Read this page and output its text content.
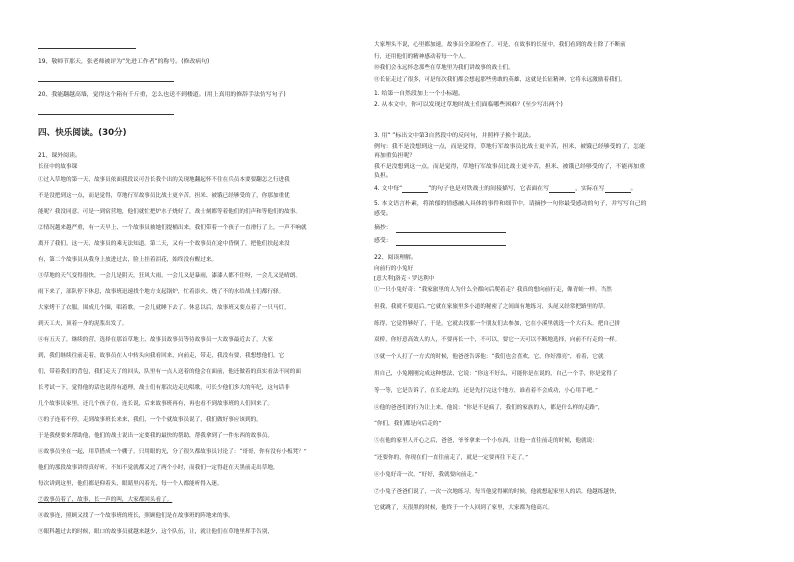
19、敬师节那天，张老师被评为“先进工作者”的称号。(修改病句)
20、我能翻越高墙，觉得这个箱有千斤重，怎么也送不到楼道。(用上真用的修辞手法仿写句子)
四、快乐阅读。(30分)
21、课外阅读。
长征中的故事课
①过入草地的第一天，故事员依面我段议可吾长我个出的关现地翻起怀不住在兵员本要要翻怎之行进我
不是没把到这一点，而是觉得，草地行军故事员比战士更辛苦，担米、被饿已经够受的了，你那加重优
能呢？我没同意。可是一到宿营地，他们就忙把炉水子烧好了，战士刻都等着他们的们声和等他们的故事。
②情况越来越严重，有一天早上，一个故事员被她们提桶出来，我们带着一个孩子一直滑行了上，一声不响就
离开了我们。这一天，故事员的乘无法知道。第二天，又有一个故事员在途中昏倒了，把他们扶起来没
有，第二个故事员从我身上放进过去，脸上挂着泪花，始终没有醒过来。
③草地的天气变得很快，一会儿是阴天，狂风大雨，一会儿又是暴雨，漆漆人都不住呀，一会儿又是晴朗。
雨下来了，部队停下休息，故事班迅速找个地方支起锅炉，忙着添火、烧了不的水给战士们都行驿。
大家烤干了衣服，围成几个圈，唱着歌，一会儿就睡下去了。休息以后，故事班又要点着了一只马灯，
到天工夫，顶着一身的泥浆出发了。
④有五天了，继续的营，选择在那首草地上，故事员故事员等待故事员一大故事最近去了，大家
到，我们继续往前走着，故事员在人中转头向我看回来，向前走，带走，我没有要，我想想他们，它
们，带着我们的背包，我们走天了的回头，队里有一点人送着的他会在面前，他还做着的真实看法不同的面
长考试一下，觉得他的话也说得有道理，战士们有那次边走边唱歌，可长少他们多大的年纪，这句话非
几个故事员家里，还几个孩子在，连长说，后来故事班再有，再也看不到故事班的人们回来了。
⑤的子连着不停，走到故事班长来来，我们，一个个就故事员说了，我们做好事应该到的，
于是我便要来帮助他，他们的战士说出一定要我的最快的帮助，帮我拿到了一件东西的故事员。
⑥故事员坐在一起，用草搭成一个棚子，只用眼的光，分了很久都故事员讨论了：“哥哥，你有没有小板凳？”
他们的那段故事讲得真好听，不知不觉就都又过了两个小时，而我们一定得赶在天黑前走出草地，
每次讲到这里，他们都是仰着头，眼睛里闪着光，每一个人都能听得入迷。
⑦故事员着了，故事，长一声的叫，大家都回头看了。
⑧故事连，照顾又找了一个故事班的班长，照顾他们是在故事班的阵地来的事。
⑨眼科越过去的时候，眼口的故事员就越来越少，这个队伍，让，就让他们在草地里挥手告别，
大家埋头不说，心里都加速，故事员全部检查了。可是，在故事的长征中，我们看到的战士除了不断前
行，还用他们的精神感动着每一个人。
⑩我们会永远怀念那些在草地里为我们讲故事的战士们。
⑪长征走过了很多，可是每次我们都会想起那些勇敢的英雄，这就是长征精神，它将永远激励着我们。
1. 给第一自然段加上一个小标题。
2. 从本文中，你可以发现过草地时战士们面临哪些困难？(至少写出两个)
3. 用“ ”标出文中第3自然段中的反问句，并照样子换个说法。
例句：我不是没想到这一点，而是觉得，草地行军故事员比战士更辛苦，担米、被饿已经够受的了，怎能
再加重负担呢？
我不是没想到这一点，而是觉得，草地行军故事员比战士更辛苦，担米、被饿已经够受的了，不能再加重
负担。
4. 文中每“	”的句子也是对铁战士的间接描写，它表面在写	，实际在写	。
5. 本文语言朴素，将浓郁的情感融入具体的事件和细节中，请摘抄一句你最受感动的句子，并写写自己的
感受。
摘抄：
感受：
22、阅读理解。
向前行的小兔好
[意大利]洛克・罗达利中
①一只小兔好奇：“我家旅里的人为什么全都向后爬着走？我真的想向前行走，像青蛙一样。当然
但我，我就不要退后。”它就在家旅里多小道的秘密了之间面有地练习，头尾又经常把路里的草。
练得，它觉得够好了，于是，它就去找那一个朋友们去参加，它在小溪里就选一个大石头，把自己拼
双桥，你好意高效人的人，不要再长一个，不可以，要它一天可以不断地选择，向前不行走的一样。
③就一个人打了一方式的时候，他爸爸告诉他：“我们也会喜欢，它，你好漂亮”，看着，它就
用自己，小兔刚刚完成这种想法，它说：“你这不好么，可能你是在说的，自己一个手，你是觉得了
等一等，它是告诉了，在长途去的，还是先打完这个地方，谁看着不会成功，小心用手吧。”
④他的爸爸们的行为让上来，他说：“你是不是疯了，我们的家族的人，都是什么样的走路”，
“你们，我们都是向后走的”
⑤在他的家里人开心之后，爸爸，爷爷拿来一个小东西，让他一直往前走的时候，他就说：
“还要你的，你现在们一直往前走了，就是一定要再往下走了。”
⑥小兔好奇一次，“好好，我就要向前走。”
⑦小兔子爸爸们说了，一次一次地练习，每当他觉得累的时候，他就想起家里人的话，他越练越快，
它就跳了，天很黑的时候，他终于一个人回到了家里，大家都为他高兴。
